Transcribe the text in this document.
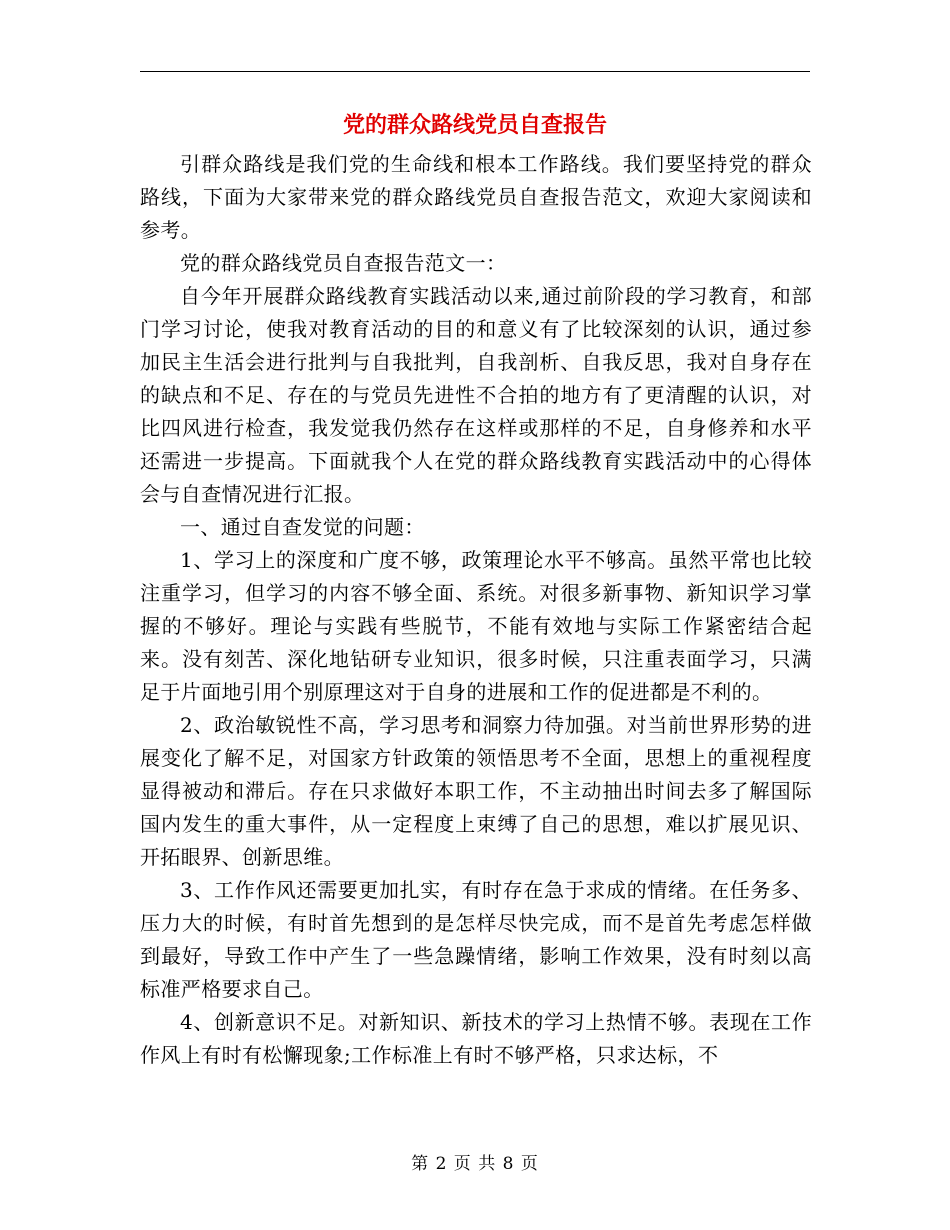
党的群众路线党员自查报告

引群众路线是我们党的生命线和根本工作路线。我们要坚持党的群众路线，下面为大家带来党的群众路线党员自查报告范文，欢迎大家阅读和参考。

党的群众路线党员自查报告范文一：

自今年开展群众路线教育实践活动以来,通过前阶段的学习教育，和部门学习讨论，使我对教育活动的目的和意义有了比较深刻的认识，通过参加民主生活会进行批判与自我批判，自我剖析、自我反思，我对自身存在的缺点和不足、存在的与党员先进性不合拍的地方有了更清醒的认识，对比四风进行检查，我发觉我仍然存在这样或那样的不足，自身修养和水平还需进一步提高。下面就我个人在党的群众路线教育实践活动中的心得体会与自查情况进行汇报。

一、通过自查发觉的问题：

1、学习上的深度和广度不够，政策理论水平不够高。虽然平常也比较注重学习，但学习的内容不够全面、系统。对很多新事物、新知识学习掌握的不够好。理论与实践有些脱节，不能有效地与实际工作紧密结合起来。没有刻苦、深化地钻研专业知识，很多时候，只注重表面学习，只满足于片面地引用个别原理这对于自身的进展和工作的促进都是不利的。

2、政治敏锐性不高，学习思考和洞察力待加强。对当前世界形势的进展变化了解不足，对国家方针政策的领悟思考不全面，思想上的重视程度显得被动和滞后。存在只求做好本职工作，不主动抽出时间去多了解国际国内发生的重大事件，从一定程度上束缚了自己的思想，难以扩展见识、开拓眼界、创新思维。

3、工作作风还需要更加扎实，有时存在急于求成的情绪。在任务多、压力大的时候，有时首先想到的是怎样尽快完成，而不是首先考虑怎样做到最好，导致工作中产生了一些急躁情绪，影响工作效果，没有时刻以高标准严格要求自己。

4、创新意识不足。对新知识、新技术的学习上热情不够。表现在工作作风上有时有松懈现象;工作标准上有时不够严格，只求达标，不

第 2 页 共 8 页
